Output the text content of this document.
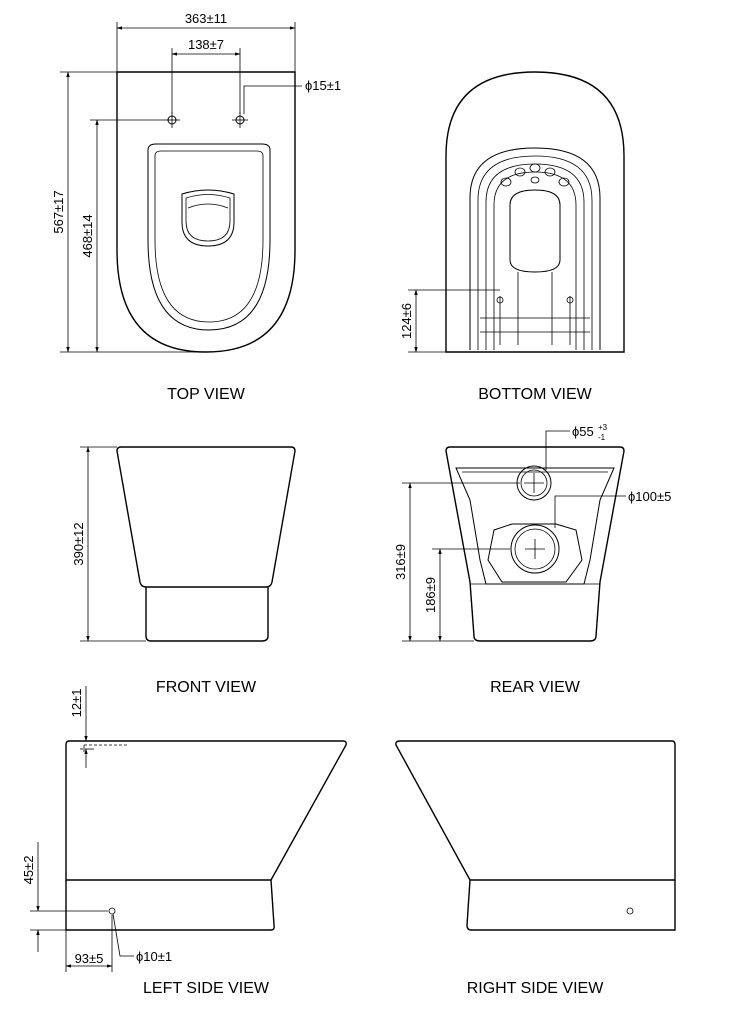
363±11
138±7
ϕ15±1
567±17
468±14
TOP VIEW
124±6
BOTTOM VIEW
390±12
FRONT VIEW
ϕ55 +3
-1
ϕ100±5
316±9
186±9
REAR VIEW
12±1
45±2
93±5	ϕ10±1
LEFT SIDE VIEW	RIGHT SIDE VIEW
